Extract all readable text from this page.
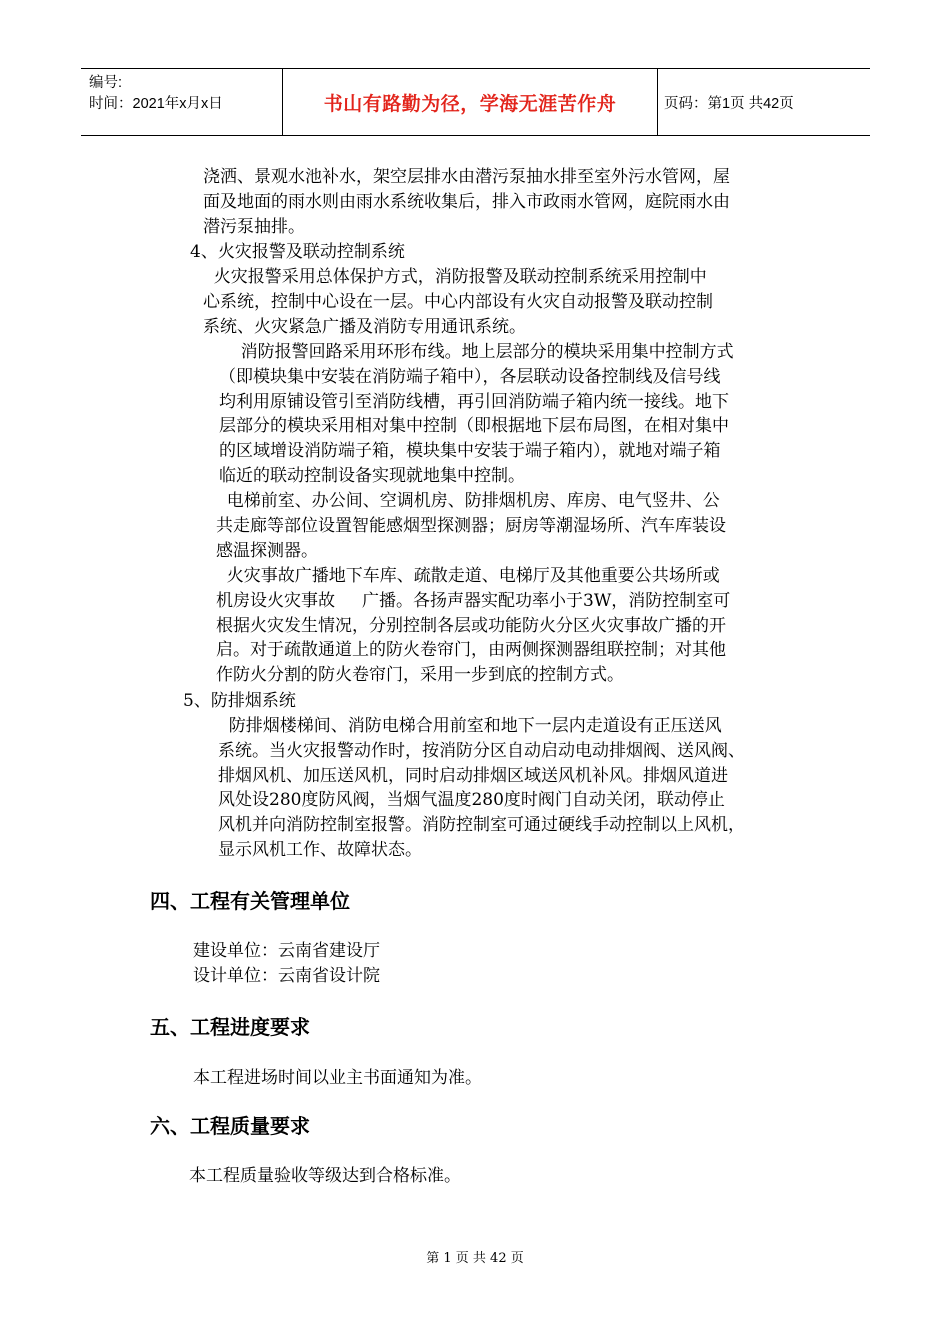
编号:
时间：2021年x月x日	书山有路勤为径，学海无涯苦作舟	页码：第1页 共42页
浇洒、景观水池补水，架空层排水由潜污泵抽水排至室外污水管网，屋
面及地面的雨水则由雨水系统收集后，排入市政雨水管网，庭院雨水由
潜污泵抽排。
4、火灾报警及联动控制系统
火灾报警采用总体保护方式，消防报警及联动控制系统采用控制中
心系统，控制中心设在一层。中心内部设有火灾自动报警及联动控制
系统、火灾紧急广播及消防专用通讯系统。
消防报警回路采用环形布线。地上层部分的模块采用集中控制方式
（即模块集中安装在消防端子箱中），各层联动设备控制线及信号线
均利用原铺设管引至消防线槽，再引回消防端子箱内统一接线。地下
层部分的模块采用相对集中控制（即根据地下层布局图，在相对集中
的区域增设消防端子箱，模块集中安装于端子箱内），就地对端子箱
临近的联动控制设备实现就地集中控制。
电梯前室、办公间、空调机房、防排烟机房、库房、电气竖井、公
共走廊等部位设置智能感烟型探测器；厨房等潮湿场所、汽车库装设
感温探测器。
火灾事故广播地下车库、疏散走道、电梯厅及其他重要公共场所或
机房设火灾事故     广播。各扬声器实配功率小于3W，消防控制室可
根据火灾发生情况，分别控制各层或功能防火分区火灾事故广播的开
启。对于疏散通道上的防火卷帘门，由两侧探测器组联控制；对其他
作防火分割的防火卷帘门，采用一步到底的控制方式。
5、防排烟系统
防排烟楼梯间、消防电梯合用前室和地下一层内走道设有正压送风
系统。当火灾报警动作时，按消防分区自动启动电动排烟阀、送风阀、
排烟风机、加压送风机，同时启动排烟区域送风机补风。排烟风道进
风处设280度防风阀，当烟气温度280度时阀门自动关闭，联动停止
风机并向消防控制室报警。消防控制室可通过硬线手动控制以上风机，
显示风机工作、故障状态。
四、工程有关管理单位
建设单位：云南省建设厅
设计单位：云南省设计院
五、工程进度要求
本工程进场时间以业主书面通知为准。
六、工程质量要求
本工程质量验收等级达到合格标准。
第 1 页 共 42 页
